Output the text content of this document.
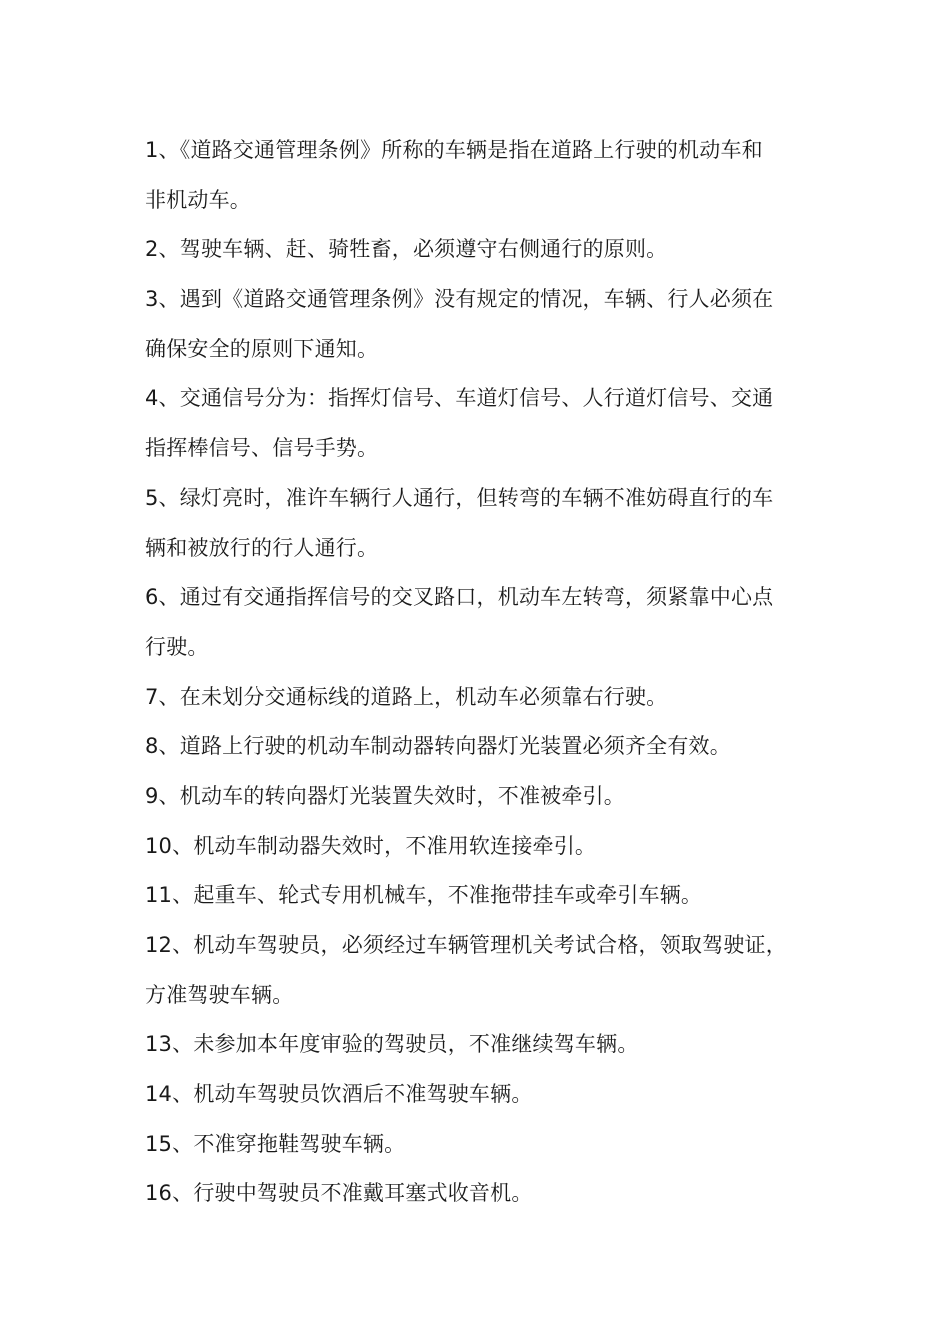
1、《道路交通管理条例》所称的车辆是指在道路上行驶的机动车和
非机动车。
2、驾驶车辆、赶、骑牲畜，必须遵守右侧通行的原则。
3、遇到《道路交通管理条例》没有规定的情况，车辆、行人必须在
确保安全的原则下通知。
4、交通信号分为：指挥灯信号、车道灯信号、人行道灯信号、交通
指挥棒信号、信号手势。
5、绿灯亮时，准许车辆行人通行，但转弯的车辆不准妨碍直行的车
辆和被放行的行人通行。
6、通过有交通指挥信号的交叉路口，机动车左转弯，须紧靠中心点
行驶。
7、在未划分交通标线的道路上，机动车必须靠右行驶。
8、道路上行驶的机动车制动器转向器灯光装置必须齐全有效。
9、机动车的转向器灯光装置失效时，不准被牵引。
10、机动车制动器失效时，不准用软连接牵引。
11、起重车、轮式专用机械车，不准拖带挂车或牵引车辆。
12、机动车驾驶员，必须经过车辆管理机关考试合格，领取驾驶证，
方准驾驶车辆。
13、未参加本年度审验的驾驶员，不准继续驾车辆。
14、机动车驾驶员饮酒后不准驾驶车辆。
15、不准穿拖鞋驾驶车辆。
16、行驶中驾驶员不准戴耳塞式收音机。
